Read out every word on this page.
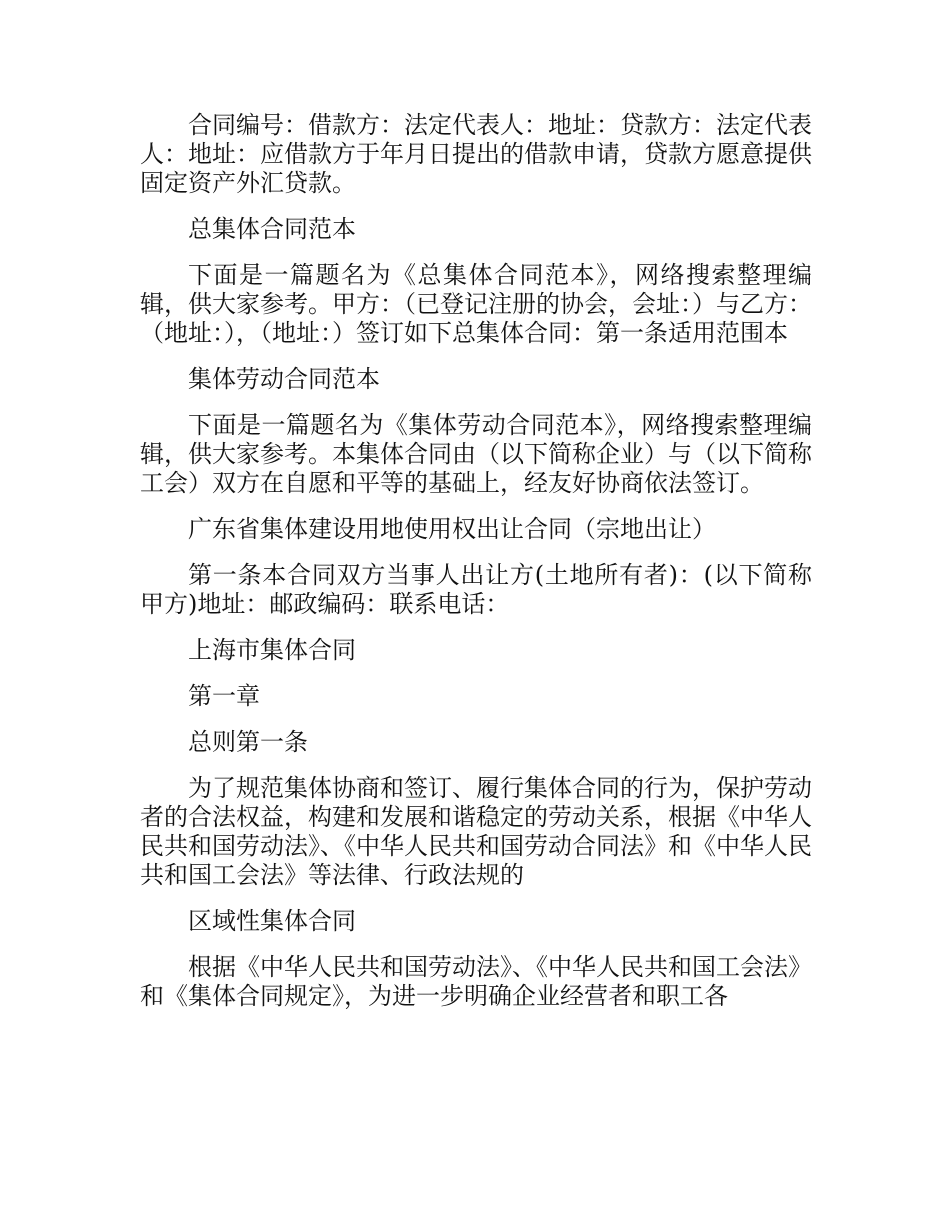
合同编号：借款方：法定代表人：地址：贷款方：法定代表人：地址：应借款方于年月日提出的借款申请，贷款方愿意提供固定资产外汇贷款。

总集体合同范本

下面是一篇题名为《总集体合同范本》，网络搜索整理编辑，供大家参考。甲方：（已登记注册的协会，会址：）与乙方：（地址：），（地址：）签订如下总集体合同：第一条适用范围本

集体劳动合同范本

下面是一篇题名为《集体劳动合同范本》，网络搜索整理编辑，供大家参考。本集体合同由（以下简称企业）与（以下简称工会）双方在自愿和平等的基础上，经友好协商依法签订。

广东省集体建设用地使用权出让合同（宗地出让）

第一条本合同双方当事人出让方(土地所有者)：(以下简称甲方)地址：邮政编码：联系电话：

上海市集体合同

第一章

总则第一条

为了规范集体协商和签订、履行集体合同的行为，保护劳动者的合法权益，构建和发展和谐稳定的劳动关系，根据《中华人民共和国劳动法》、《中华人民共和国劳动合同法》和《中华人民共和国工会法》等法律、行政法规的

区域性集体合同

根据《中华人民共和国劳动法》、《中华人民共和国工会法》和《集体合同规定》，为进一步明确企业经营者和职工各
